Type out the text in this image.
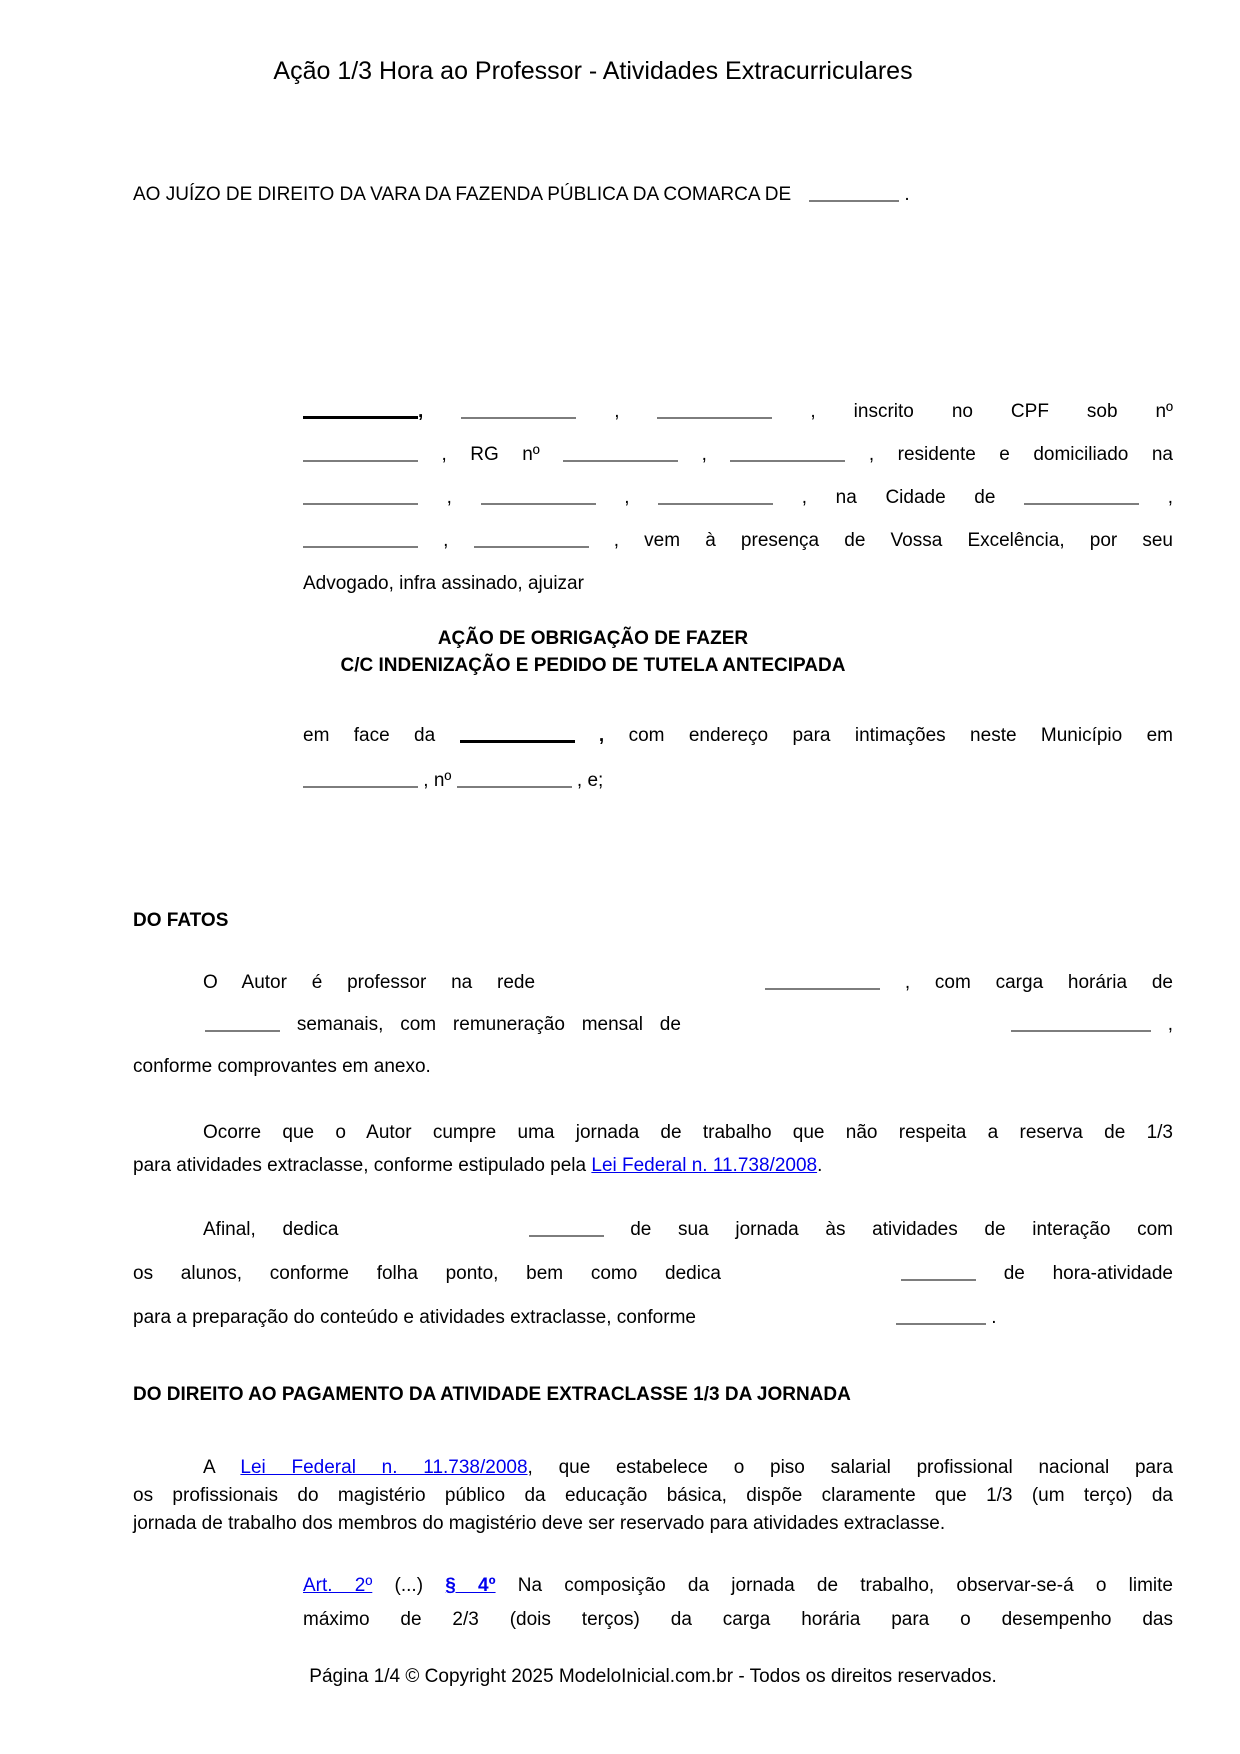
Ação 1/3 Hora ao Professor - Atividades Extracurriculares
AO JUÍZO DE DIREITO DA VARA DA FAZENDA PÚBLICA DA COMARCA DE	.
,	,	, inscrito no CPF sob nº
, RG nº	,	, residente e domiciliado na
,	,	, na Cidade de	,
,	, vem à presença de Vossa Excelência, por seu
Advogado, infra assinado, ajuizar
AÇÃO DE OBRIGAÇÃO DE FAZER
C/C INDENIZAÇÃO E PEDIDO DE TUTELA ANTECIPADA
em face da	, com endereço para intimações neste Município em
, nº	, e;
DO FATOS
O Autor é professor na rede	, com carga horária de
semanais, com remuneração mensal de	,
conforme comprovantes em anexo.
Ocorre que o Autor cumpre uma jornada de trabalho que não respeita a reserva de 1/3
para atividades extraclasse, conforme estipulado pela Lei Federal n. 11.738/2008.
Afinal, dedica	de sua jornada às atividades de interação com
os alunos, conforme folha ponto, bem como dedica	de hora-atividade
para a preparação do conteúdo e atividades extraclasse, conforme	.
DO DIREITO AO PAGAMENTO DA ATIVIDADE EXTRACLASSE 1/3 DA JORNADA
A Lei Federal n. 11.738/2008, que estabelece o piso salarial profissional nacional para
os profissionais do magistério público da educação básica, dispõe claramente que 1/3 (um terço) da
jornada de trabalho dos membros do magistério deve ser reservado para atividades extraclasse.
Art. 2º (...) § 4º Na composição da jornada de trabalho, observar-se-á o limite
máximo de 2/3 (dois terços) da carga horária para o desempenho das
Página 1/4 © Copyright 2025 ModeloInicial.com.br - Todos os direitos reservados.
